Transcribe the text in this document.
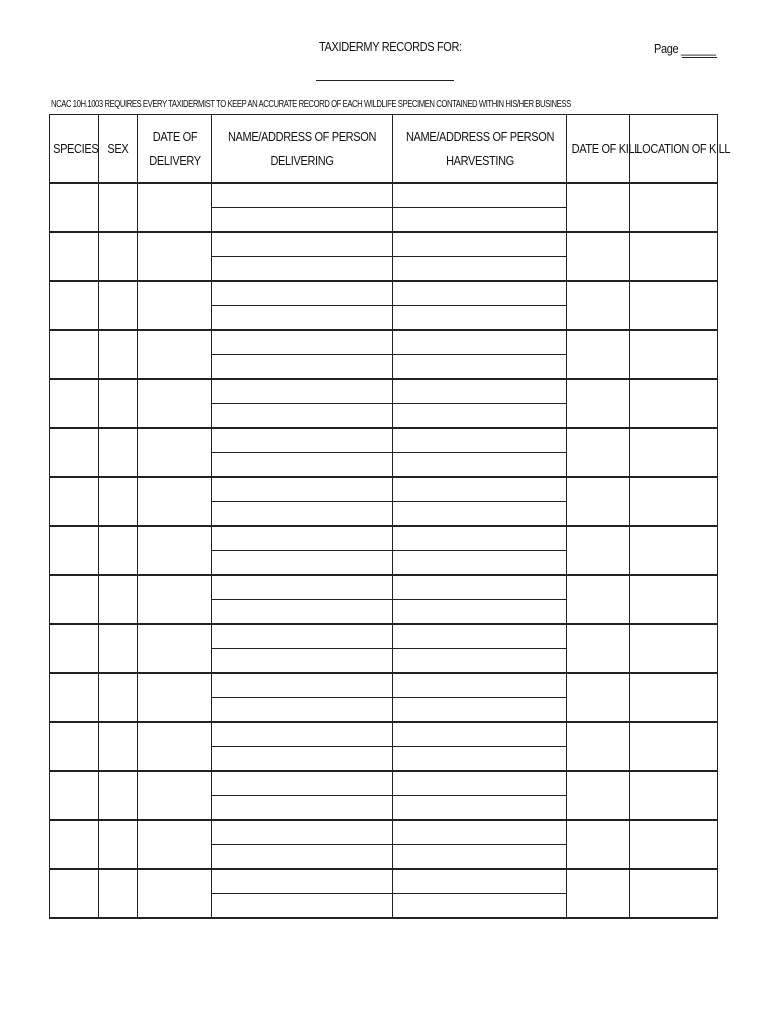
TAXIDERMY RECORDS FOR:	Page ______
NCAC 10H.1003 REQUIRES EVERY TAXIDERMIST TO KEEP AN ACCURATE RECORD OF EACH WILDLIFE SPECIMEN CONTAINED WITHIN HIS/HER BUSINESS
SPECIES	SEX	DATE OF DELIVERY	NAME/ADDRESS OF PERSON DELIVERING	NAME/ADDRESS OF PERSON HARVESTING	DATE OF KILL	LOCATION OF KILL
